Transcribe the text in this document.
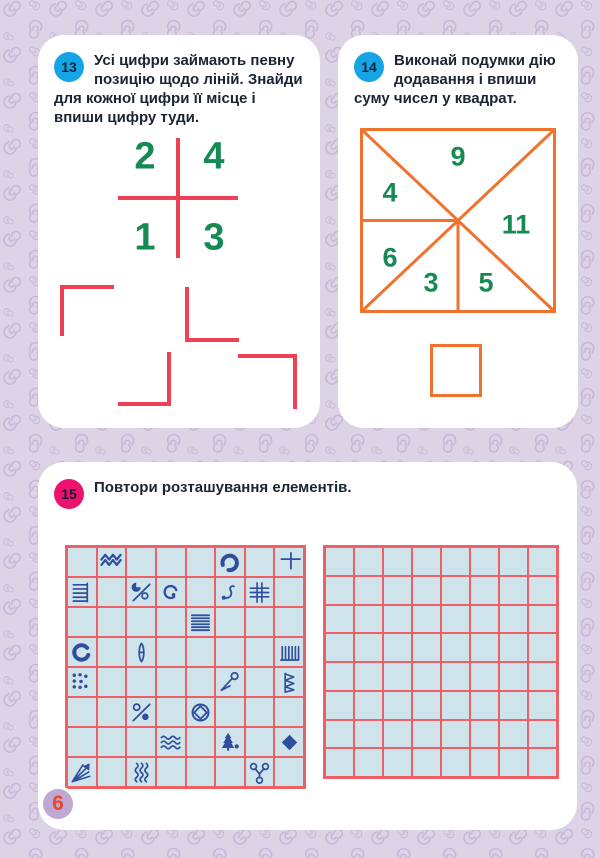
13	Усі цифри займають певну позицію щодо ліній. Знайди для кожної цифри її місце і впиши цифру туди.
2 4
1 3
14	Виконай подумки дію додавання і впиши суму чисел у квадрат.
9
4
11
6
3 5
15	Повтори розташування елементів.
6
